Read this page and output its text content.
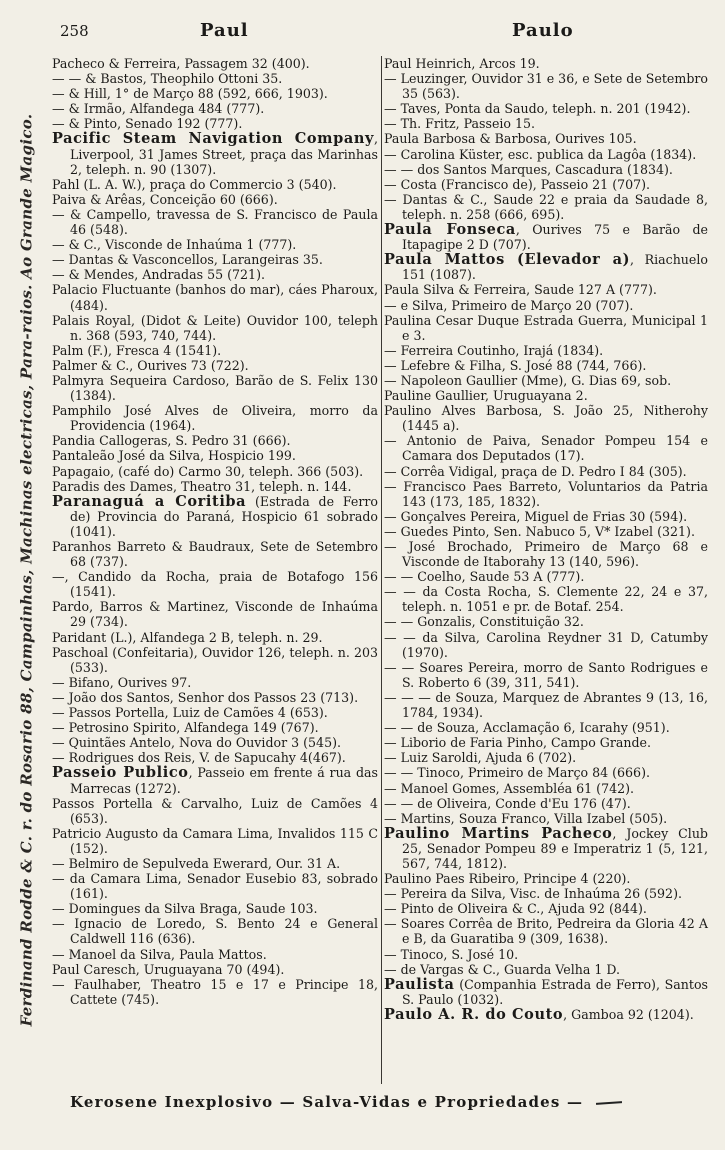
258	Paul	Paulo
Ferdinand Rodde & C. r. do Rosario 88, Campainhas, Machinas electricas, Para-raios. Ao Grande Magico.
Pacheco & Ferreira, Passagem 32 (400).
— — & Bastos, Theophilo Ottoni 35.
— & Hill, 1° de Março 88 (592, 666, 1903).
— & Irmão, Alfandega 484 (777).
— & Pinto, Senado 192 (777).
Pacific Steam Navigation Company, Liverpool, 31 James Street, praça das Marinhas 2, teleph. n. 90 (1307).
Pahl (L. A. W.), praça do Commercio 3 (540).
Paiva & Arêas, Conceição 60 (666).
— & Campello, travessa de S. Francisco de Paula 46 (548).
— & C., Visconde de Inhaúma 1 (777).
— Dantas & Vasconcellos, Larangeiras 35.
— & Mendes, Andradas 55 (721).
Palacio Fluctuante (banhos do mar), cáes Pharoux, (484).
Palais Royal, (Didot & Leite) Ouvidor 100, teleph n. 368 (593, 740, 744).
Palm (F.), Fresca 4 (1541).
Palmer & C., Ourives 73 (722).
Palmyra Sequeira Cardoso, Barão de S. Felix 130 (1384).
Pamphilo José Alves de Oliveira, morro da Providencia (1964).
Pandia Callogeras, S. Pedro 31 (666).
Pantaleão José da Silva, Hospicio 199.
Papagaio, (café do) Carmo 30, teleph. 366 (503).
Paradis des Dames, Theatro 31, teleph. n. 144.
Paranaguá a Coritiba (Estrada de Ferro de) Provincia do Paraná, Hospicio 61 sobrado (1041).
Paranhos Barreto & Baudraux, Sete de Setembro 68 (737).
—, Candido da Rocha, praia de Botafogo 156 (1541).
Pardo, Barros & Martinez, Visconde de Inhaúma 29 (734).
Paridant (L.), Alfandega 2 B, teleph. n. 29.
Paschoal (Confeitaria), Ouvidor 126, teleph. n. 203 (533).
— Bifano, Ourives 97.
— João dos Santos, Senhor dos Passos 23 (713).
— Passos Portella, Luiz de Camões 4 (653).
— Petrosino Spirito, Alfandega 149 (767).
— Quintães Antelo, Nova do Ouvidor 3 (545).
— Rodrigues dos Reis, V. de Sapucahy 4(467).
Passeio Publico, Passeio em frente á rua das Marrecas (1272).
Passos Portella & Carvalho, Luiz de Camões 4 (653).
Patricio Augusto da Camara Lima, Invalidos 115 C (152).
— Belmiro de Sepulveda Ewerard, Our. 31 A.
— da Camara Lima, Senador Eusebio 83, sobrado (161).
— Domingues da Silva Braga, Saude 103.
— Ignacio de Loredo, S. Bento 24 e General Caldwell 116 (636).
— Manoel da Silva, Paula Mattos.
Paul Caresch, Uruguayana 70 (494).
— Faulhaber, Theatro 15 e 17 e Principe 18, Cattete (745).
Paul Heinrich, Arcos 19.
— Leuzinger, Ouvidor 31 e 36, e Sete de Setembro 35 (563).
— Taves, Ponta da Saudo, teleph. n. 201 (1942).
— Th. Fritz, Passeio 15.
Paula Barbosa & Barbosa, Ourives 105.
— Carolina Küster, esc. publica da Lagôa (1834).
— — dos Santos Marques, Cascadura (1834).
— Costa (Francisco de), Passeio 21 (707).
— Dantas & C., Saude 22 e praia da Saudade 8, teleph. n. 258 (666, 695).
Paula Fonseca, Ourives 75 e Barão de Itapagipe 2 D (707).
Paula Mattos (Elevador a), Riachuelo 151 (1087).
Paula Silva & Ferreira, Saude 127 A (777).
— e Silva, Primeiro de Março 20 (707).
Paulina Cesar Duque Estrada Guerra, Municipal 1 e 3.
— Ferreira Coutinho, Irajá (1834).
— Lefebre & Filha, S. José 88 (744, 766).
— Napoleon Gaullier (Mme), G. Dias 69, sob.
Pauline Gaullier, Uruguayana 2.
Paulino Alves Barbosa, S. João 25, Nitherohy (1445 a).
— Antonio de Paiva, Senador Pompeu 154 e Camara dos Deputados (17).
— Corrêa Vidigal, praça de D. Pedro I 84 (305).
— Francisco Paes Barreto, Voluntarios da Patria 143 (173, 185, 1832).
— Gonçalves Pereira, Miguel de Frias 30 (594).
— Guedes Pinto, Sen. Nabuco 5, V* Izabel (321).
— José Brochado, Primeiro de Março 68 e Visconde de Itaborahy 13 (140, 596).
— — Coelho, Saude 53 A (777).
— — da Costa Rocha, S. Clemente 22, 24 e 37, teleph. n. 1051 e pr. de Botaf. 254.
— — Gonzalis, Constituição 32.
— — da Silva, Carolina Reydner 31 D, Catumby (1970).
— — Soares Pereira, morro de Santo Rodrigues e S. Roberto 6 (39, 311, 541).
— — — de Souza, Marquez de Abrantes 9 (13, 16, 1784, 1934).
— — de Souza, Acclamação 6, Icarahy (951).
— Liborio de Faria Pinho, Campo Grande.
— Luiz Saroldi, Ajuda 6 (702).
— — Tinoco, Primeiro de Março 84 (666).
— Manoel Gomes, Assembléa 61 (742).
— — de Oliveira, Conde d'Eu 176 (47).
— Martins, Souza Franco, Villa Izabel (505).
Paulino Martins Pacheco, Jockey Club 25, Senador Pompeu 89 e Imperatriz 1 (5, 121, 567, 744, 1812).
Paulino Paes Ribeiro, Principe 4 (220).
— Pereira da Silva, Visc. de Inhaúma 26 (592).
— Pinto de Oliveira & C., Ajuda 92 (844).
— Soares Corrêa de Brito, Pedreira da Gloria 42 A e B, da Guaratiba 9 (309, 1638).
— Tinoco, S. José 10.
— de Vargas & C., Guarda Velha 1 D.
Paulista (Companhia Estrada de Ferro), Santos S. Paulo (1032).
Paulo A. R. do Couto, Gamboa 92 (1204).
Kerosene Inexplosivo — Salva-Vidas e Propriedades —
